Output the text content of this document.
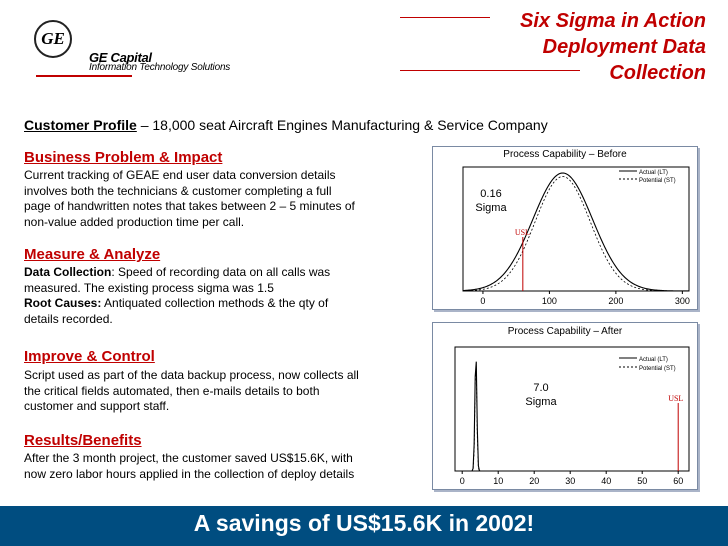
GE
GE Capital
Information Technology Solutions
Six Sigma in Action
Deployment Data
Collection
Customer Profile – 18,000 seat Aircraft Engines Manufacturing & Service Company
Business Problem & Impact
Current tracking of GEAE end user data conversion details
involves both the technicians & customer completing a full
page of handwritten notes that takes between 2 – 5 minutes of
non-value added production time per call.
Measure & Analyze
Data Collection: Speed of recording data on all calls was
measured. The existing process sigma was 1.5
Root Causes: Antiquated collection methods & the qty of
details recorded.
Improve & Control
Script used as part of the data backup process, now collects all
the critical fields automated, then e-mails details to both
customer and support staff.
Results/Benefits
After the 3 month project, the customer saved US$15.6K, with
now zero labor hours applied in the collection of deploy details
Process Capability – Before
Actual (LT)
Potential (ST)
USL
0	100	200	300
0.16
Sigma
Process Capability – After
Actual (LT)
Potential (ST)
USL
0	10	20	30	40	50	60
7.0
Sigma
A savings of US$15.6K in 2002!
